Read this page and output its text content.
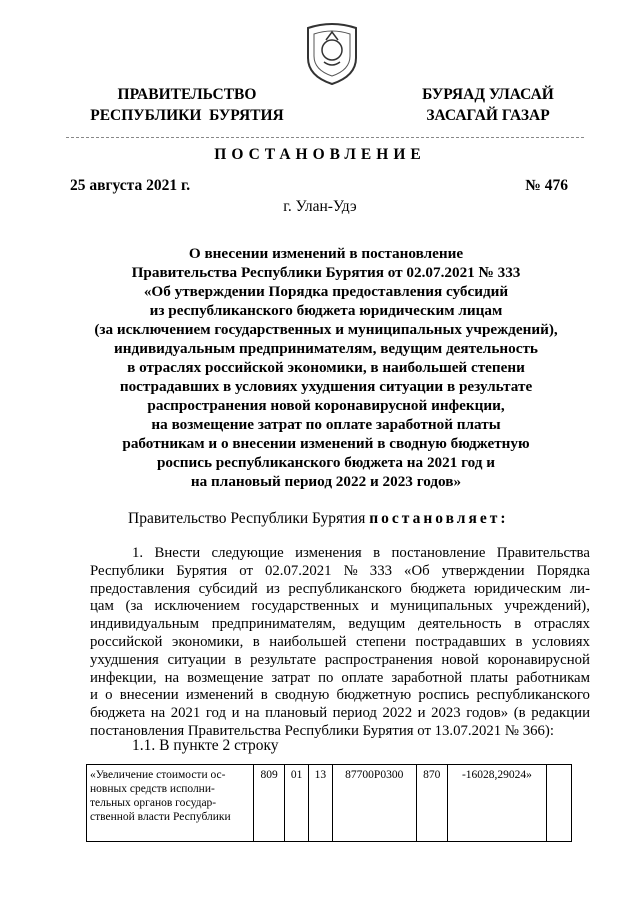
ПРАВИТЕЛЬСТВО
РЕСПУБЛИКИ  БУРЯТИЯ
БУРЯАД УЛАСАЙ
ЗАСАГАЙ ГАЗАР
ПОСТАНОВЛЕНИЕ
25 августа 2021 г.	№ 476
г. Улан-Удэ
О внесении изменений в постановление
Правительства Республики Бурятия от 02.07.2021 № 333
«Об утверждении Порядка предоставления субсидий
из республиканского бюджета юридическим лицам
(за исключением государственных и муниципальных учреждений),
индивидуальным предпринимателям, ведущим деятельность
в отраслях российской экономики, в наибольшей степени
пострадавших в условиях ухудшения ситуации в результате
распространения новой коронавирусной инфекции,
на возмещение затрат по оплате заработной платы
работникам и о внесении изменений в сводную бюджетную
роспись республиканского бюджета на 2021 год и
на плановый период 2022 и 2023 годов»
Правительство Республики Бурятия постановляет:
1. Внести следующие изменения в постановление Правительства
Республики Бурятия от 02.07.2021 № 333 «Об утверждении Порядка
предоставления субсидий из республиканского бюджета юридическим ли-
цам (за исключением государственных и муниципальных учреждений),
индивидуальным предпринимателям, ведущим деятельность в отраслях
российской экономики, в наибольшей степени пострадавших в условиях
ухудшения ситуации в результате распространения новой коронавирусной
инфекции, на возмещение затрат по оплате заработной платы работникам
и о внесении изменений в сводную бюджетную роспись республиканского
бюджета на 2021 год и на плановый период 2022 и 2023 годов» (в редакции
постановления Правительства Республики Бурятия от 13.07.2021 № 366):
1.1. В пункте 2 строку
«Увеличение стоимости ос-
новных средств исполни-
тельных органов государ-
ственной власти Республики
	809	01	13	87700Р0300	870	-16028,29024»	
